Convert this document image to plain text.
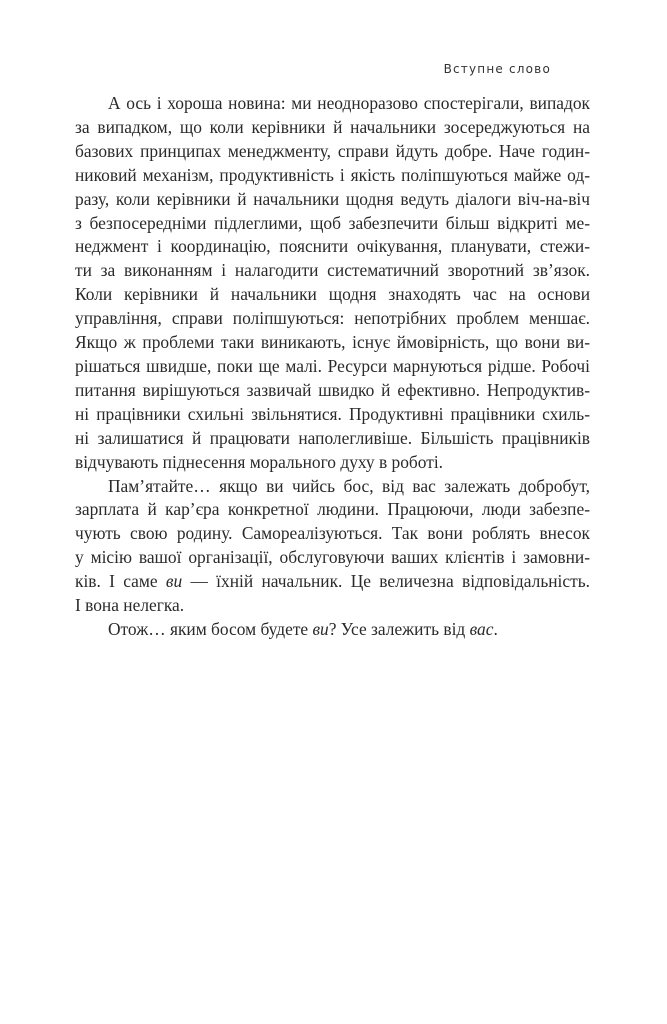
Вступне слово
А ось і хороша новина: ми неодноразово спостерігали, випадок
за випадком, що коли керівники й начальники зосереджуються на
базових принципах менеджменту, справи йдуть добре. Наче годин-
никовий механізм, продуктивність і якість поліпшуються майже од-
разу, коли керівники й начальники щодня ведуть діалоги віч-на-віч
з безпосередніми підлеглими, щоб забезпечити більш відкриті ме-
неджмент і координацію, пояснити очікування, планувати, стежи-
ти за виконанням і налагодити систематичний зворотний зв’язок.
Коли керівники й начальники щодня знаходять час на основи
управління, справи поліпшуються: непотрібних проблем меншає.
Якщо ж проблеми таки виникають, існує ймовірність, що вони ви-
рішаться швидше, поки ще малі. Ресурси марнуються рідше. Робочі
питання вирішуються зазвичай швидко й ефективно. Непродуктив-
ні працівники схильні звільнятися. Продуктивні працівники схиль-
ні залишатися й працювати наполегливіше. Більшість працівників
відчувають піднесення морального духу в роботі.
Пам’ятайте… якщо ви чийсь бос, від вас залежать добробут,
зарплата й кар’єра конкретної людини. Працюючи, люди забезпе-
чують свою родину. Самореалізуються. Так вони роблять внесок
у місію вашої організації, обслуговуючи ваших клієнтів і замовни-
ків. І саме ви — їхній начальник. Це величезна відповідальність.
І вона нелегка.
Отож… яким босом будете ви? Усе залежить від вас.
